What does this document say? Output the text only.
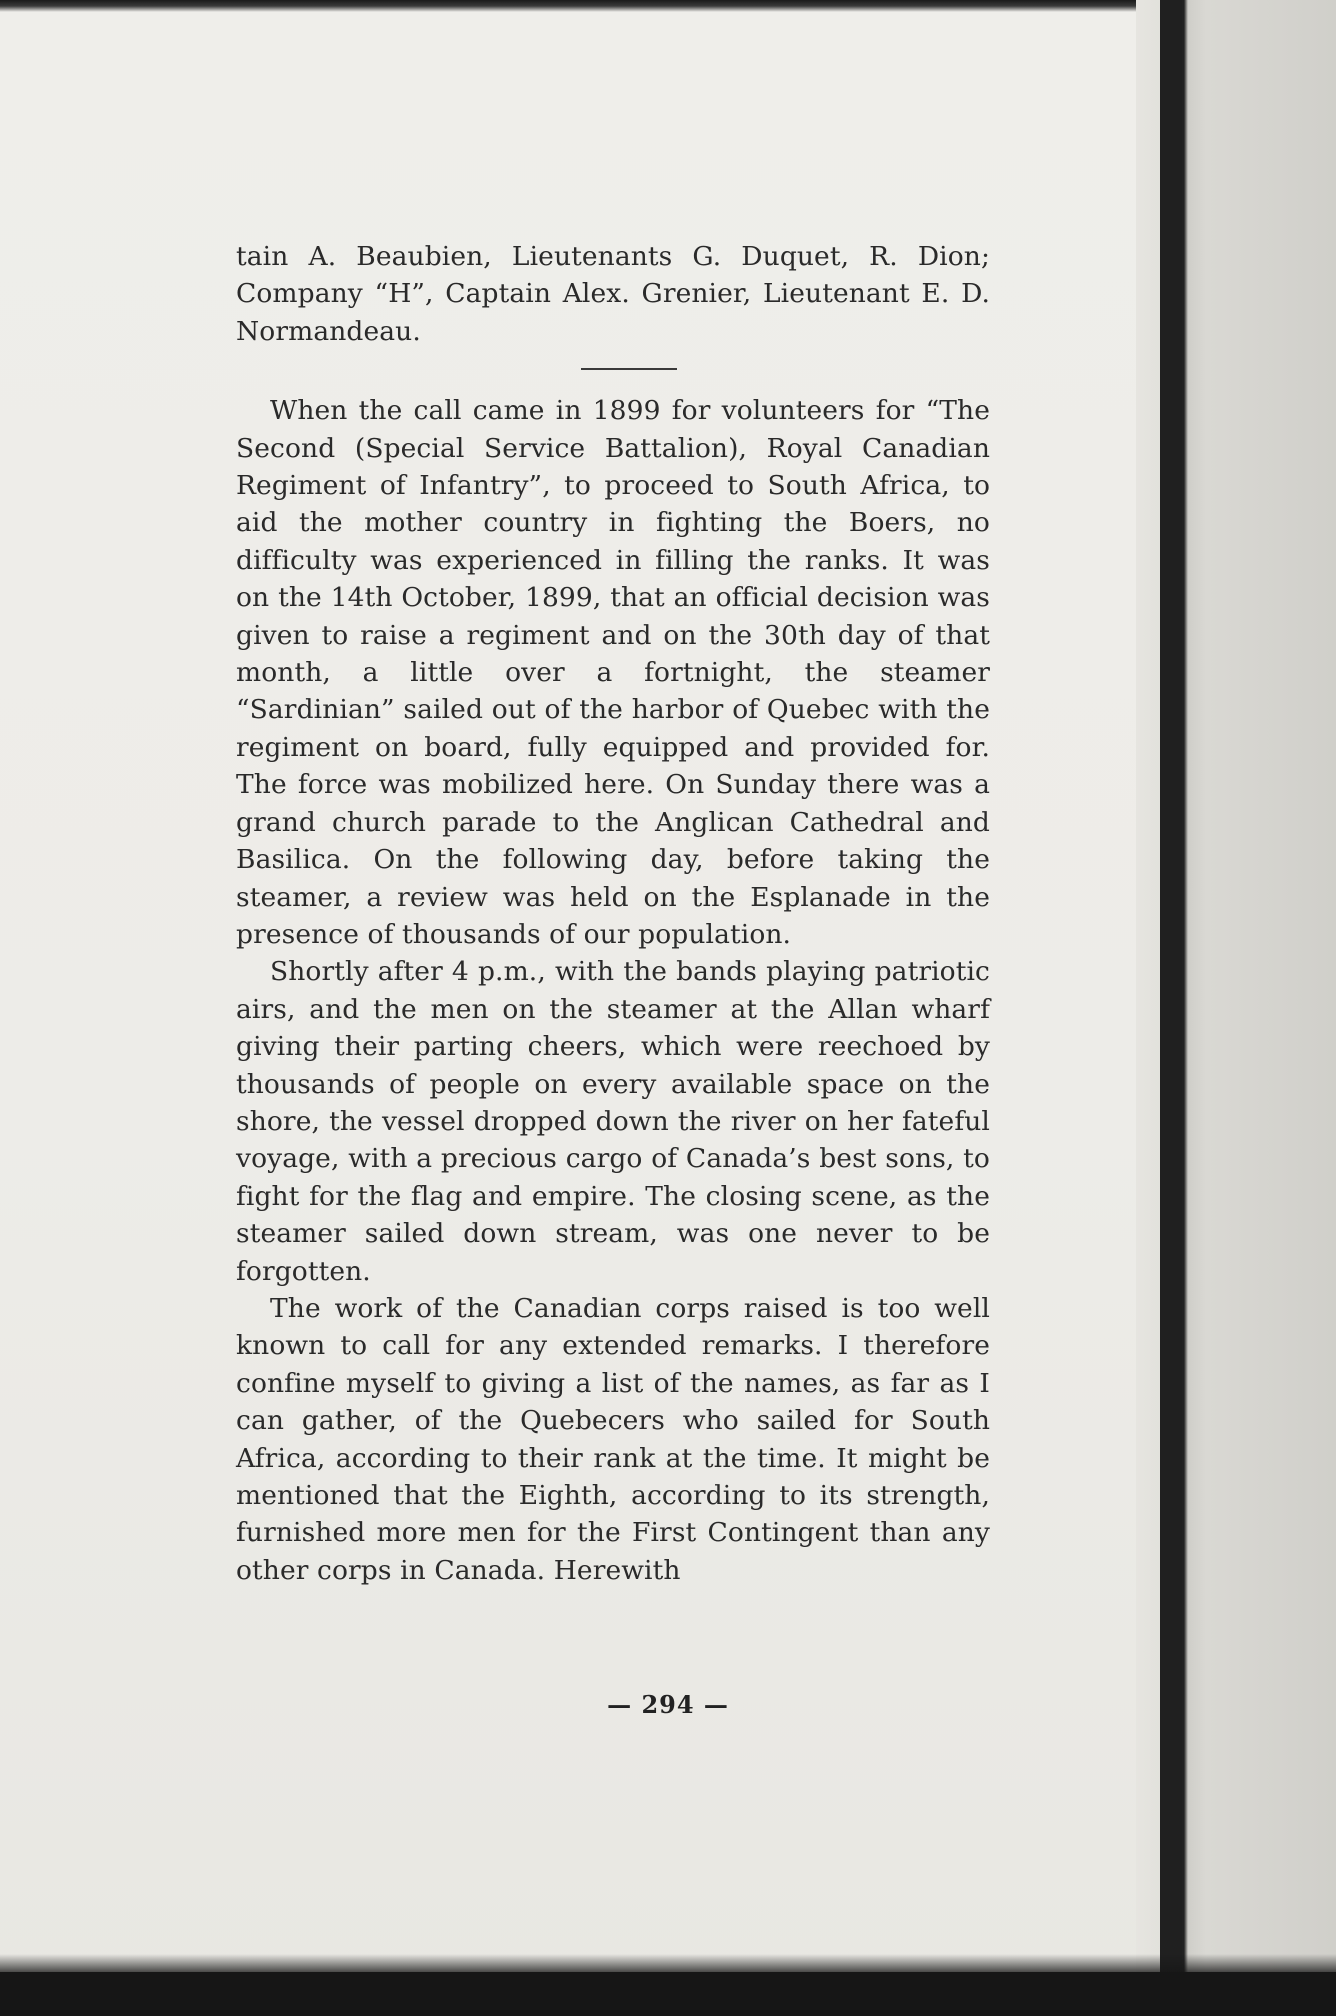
tain A. Beaubien, Lieutenants G. Duquet, R. Dion; Company “H”, Captain Alex. Grenier, Lieutenant E. D. Normandeau.

When the call came in 1899 for volunteers for “The Second (Special Service Battalion), Royal Canadian Regiment of Infantry”, to proceed to South Africa, to aid the mother country in fighting the Boers, no difficulty was experienced in filling the ranks. It was on the 14th October, 1899, that an official decision was given to raise a regiment and on the 30th day of that month, a little over a fortnight, the steamer “Sardinian” sailed out of the harbor of Quebec with the regiment on board, fully equipped and provided for. The force was mobilized here. On Sunday there was a grand church parade to the Anglican Cathedral and Basilica. On the following day, before taking the steamer, a review was held on the Esplanade in the presence of thousands of our population.

Shortly after 4 p.m., with the bands playing patriotic airs, and the men on the steamer at the Allan wharf giving their parting cheers, which were reechoed by thousands of people on every available space on the shore, the vessel dropped down the river on her fateful voyage, with a precious cargo of Canada’s best sons, to fight for the flag and empire. The closing scene, as the steamer sailed down stream, was one never to be forgotten.

The work of the Canadian corps raised is too well known to call for any extended remarks. I therefore confine myself to giving a list of the names, as far as I can gather, of the Quebecers who sailed for South Africa, according to their rank at the time. It might be mentioned that the Eighth, according to its strength, furnished more men for the First Contingent than any other corps in Canada. Herewith

— 294 —
